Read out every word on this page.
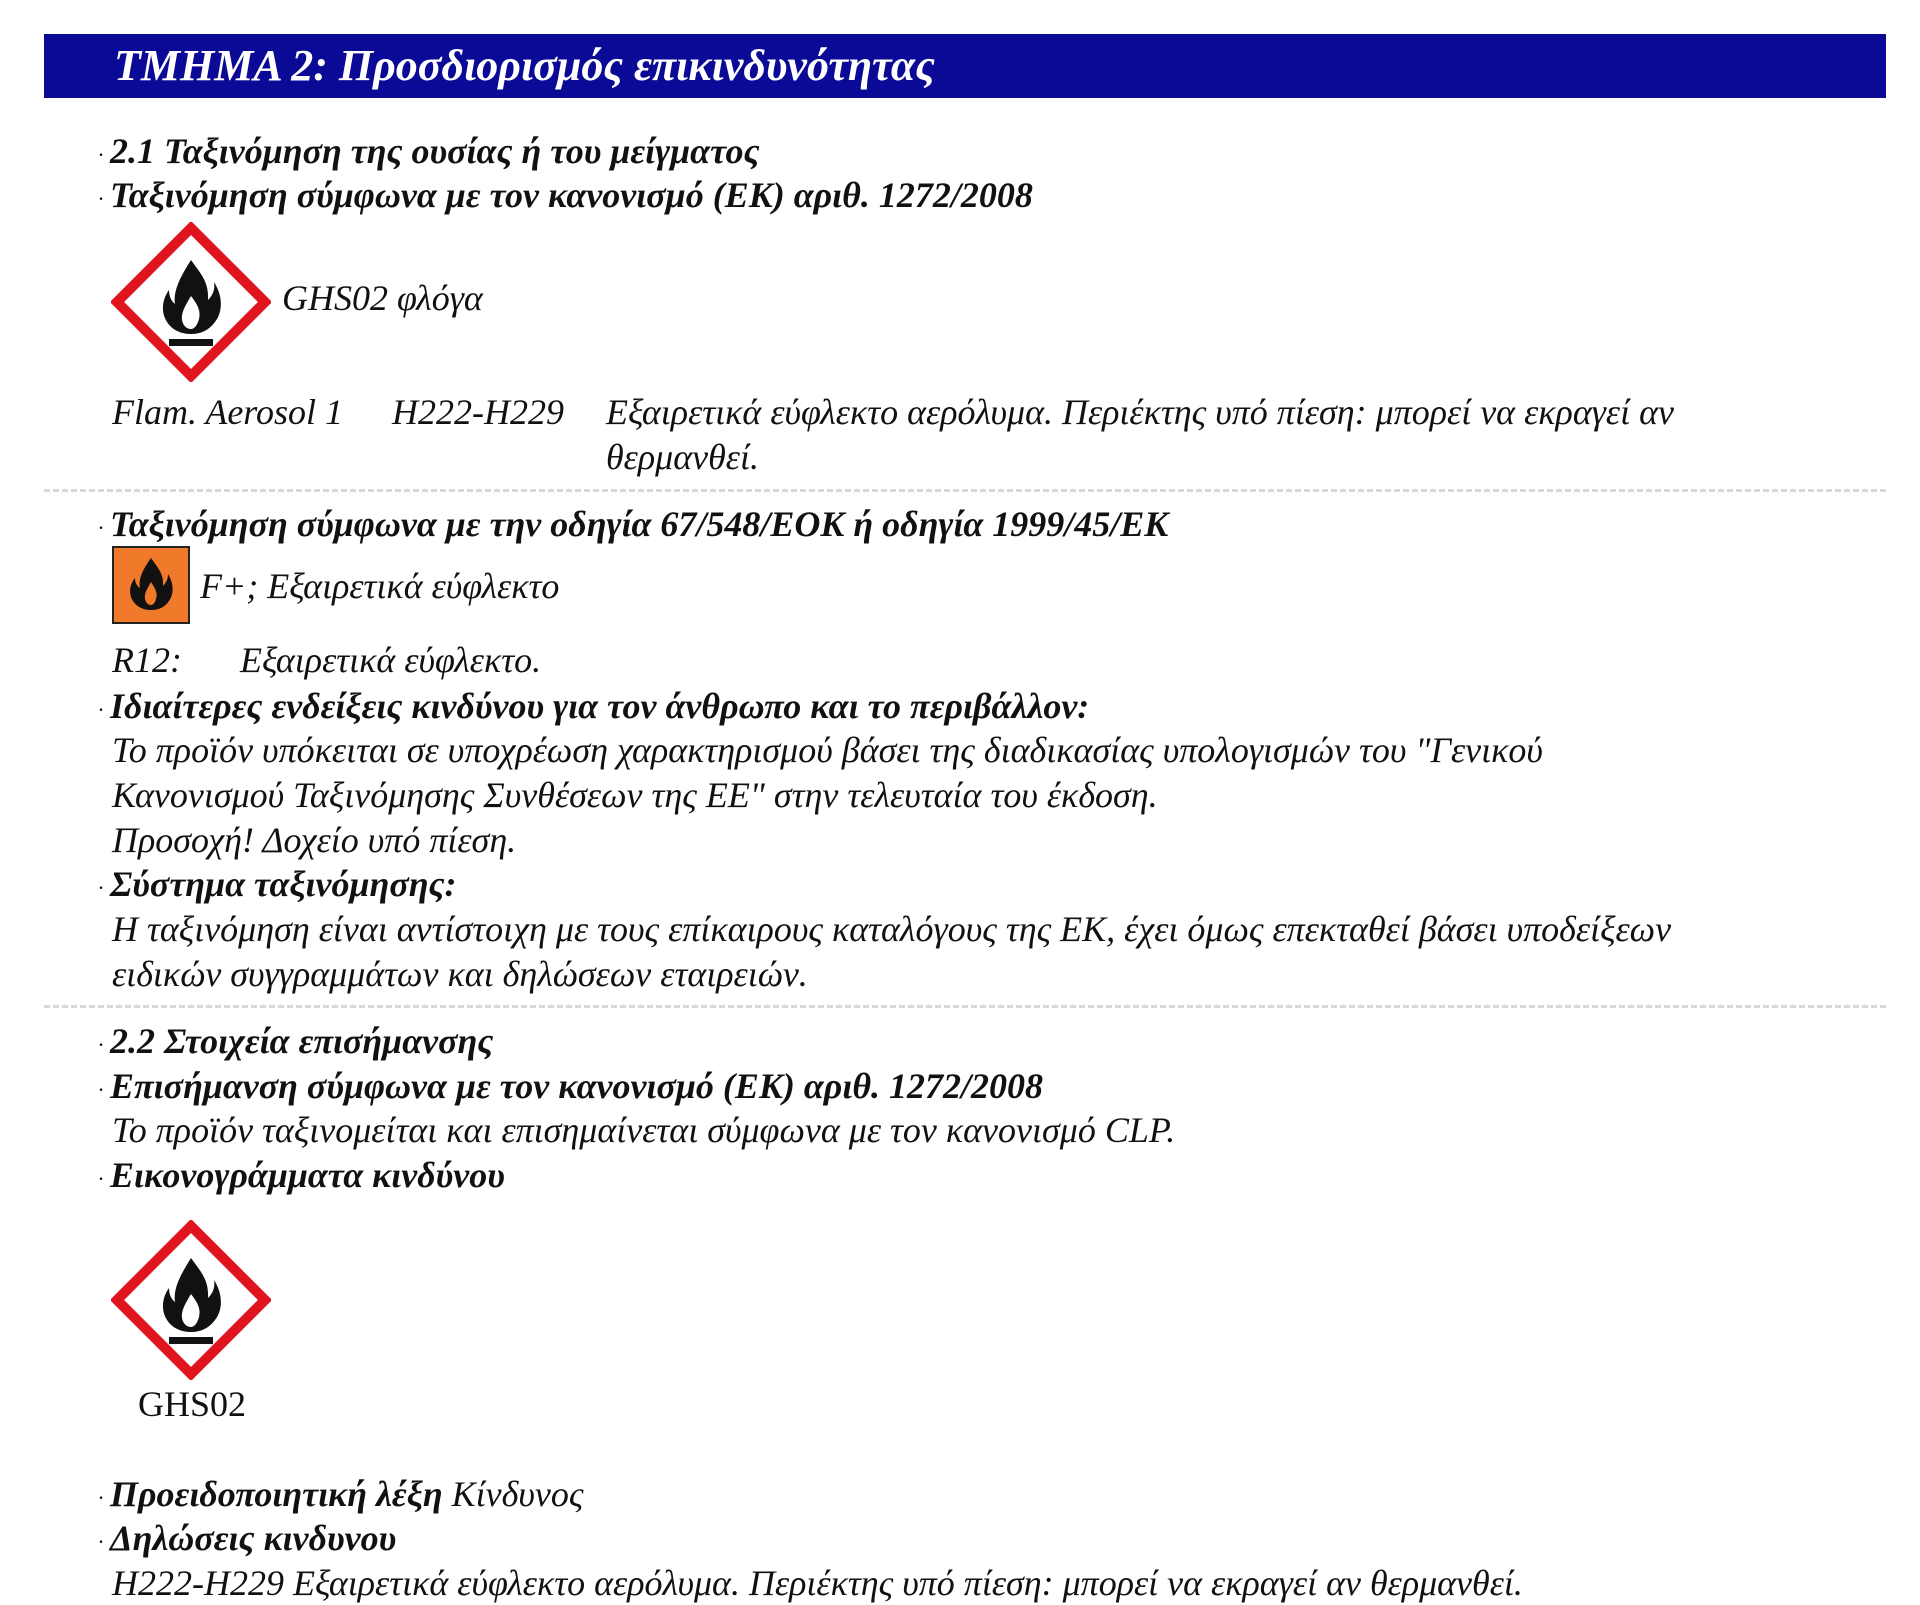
ΤΜΗΜΑ 2: Προσδιορισμός επικινδυνότητας
· 2.1 Ταξινόμηση της ουσίας ή του μείγματος
· Ταξινόμηση σύμφωνα με τον κανονισμό (ΕΚ) αριθ. 1272/2008
GHS02 φλόγα
Flam. Aerosol 1 H222-H229 Εξαιρετικά εύφλεκτο αερόλυμα. Περιέκτης υπό πίεση: μπορεί να εκραγεί αν
θερμανθεί.
· Ταξινόμηση σύμφωνα με την οδηγία 67/548/ΕΟΚ ή οδηγία 1999/45/ΕΚ
F+; Εξαιρετικά εύφλεκτο
R12: Εξαιρετικά εύφλεκτο.
· Ιδιαίτερες ενδείξεις κινδύνου για τον άνθρωπο και το περιβάλλον:
Το προϊόν υπόκειται σε υποχρέωση χαρακτηρισμού βάσει της διαδικασίας υπολογισμών του "Γενικού
Κανονισμού Ταξινόμησης Συνθέσεων της ΕΕ" στην τελευταία του έκδοση.
Προσοχή! Δοχείο υπό πίεση.
· Σύστημα ταξινόμησης:
Η ταξινόμηση είναι αντίστοιχη με τους επίκαιρους καταλόγους της ΕΚ, έχει όμως επεκταθεί βάσει υποδείξεων
ειδικών συγγραμμάτων και δηλώσεων εταιρειών.
· 2.2 Στοιχεία επισήμανσης
· Επισήμανση σύμφωνα με τον κανονισμό (ΕΚ) αριθ. 1272/2008
Το προϊόν ταξινομείται και επισημαίνεται σύμφωνα με τον κανονισμό CLP.
· Εικονογράμματα κινδύνου
GHS02
· Προειδοποιητική λέξη Κίνδυνος
· Δηλώσεις κινδυνου
H222-H229 Εξαιρετικά εύφλεκτο αερόλυμα. Περιέκτης υπό πίεση: μπορεί να εκραγεί αν θερμανθεί.
